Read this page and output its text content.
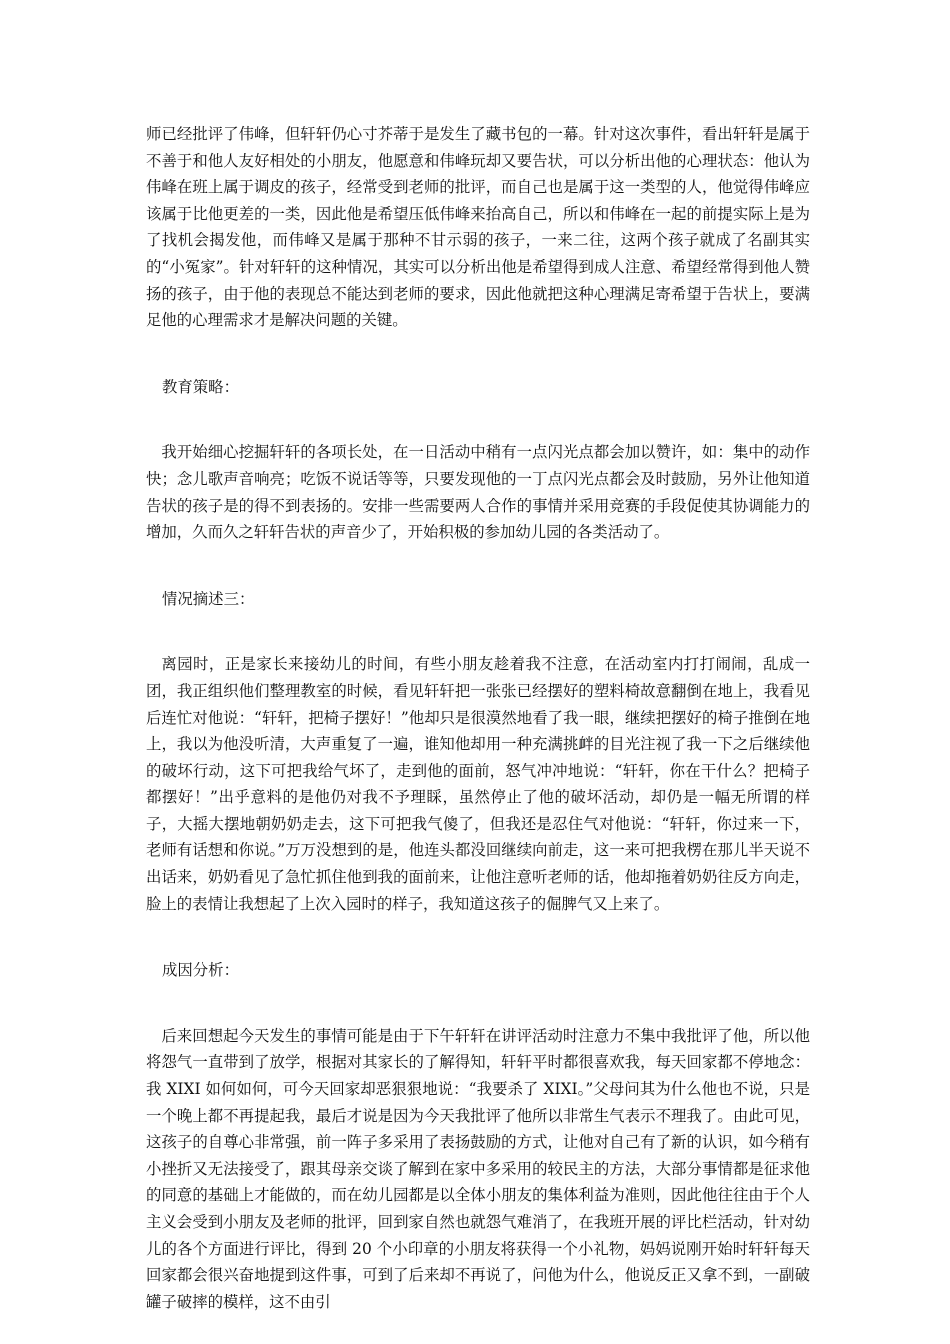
师已经批评了伟峰，但轩轩仍心寸芥蒂于是发生了藏书包的一幕。针对这次事件，看出轩轩是属于不善于和他人友好相处的小朋友，他愿意和伟峰玩却又要告状，可以分析出他的心理状态：他认为伟峰在班上属于调皮的孩子，经常受到老师的批评，而自己也是属于这一类型的人，他觉得伟峰应该属于比他更差的一类，因此他是希望压低伟峰来抬高自己，所以和伟峰在一起的前提实际上是为了找机会揭发他，而伟峰又是属于那种不甘示弱的孩子，一来二往，这两个孩子就成了名副其实的“小冤家”。针对轩轩的这种情况，其实可以分析出他是希望得到成人注意、希望经常得到他人赞扬的孩子，由于他的表现总不能达到老师的要求，因此他就把这种心理满足寄希望于告状上，要满足他的心理需求才是解决问题的关键。

教育策略：

我开始细心挖掘轩轩的各项长处，在一日活动中稍有一点闪光点都会加以赞许，如：集中的动作快；念儿歌声音响亮；吃饭不说话等等，只要发现他的一丁点闪光点都会及时鼓励，另外让他知道告状的孩子是的得不到表扬的。安排一些需要两人合作的事情并采用竞赛的手段促使其协调能力的增加，久而久之轩轩告状的声音少了，开始积极的参加幼儿园的各类活动了。

情况摘述三：

离园时，正是家长来接幼儿的时间，有些小朋友趁着我不注意，在活动室内打打闹闹，乱成一团，我正组织他们整理教室的时候，看见轩轩把一张张已经摆好的塑料椅故意翻倒在地上，我看见后连忙对他说：“轩轩，把椅子摆好！”他却只是很漠然地看了我一眼，继续把摆好的椅子推倒在地上，我以为他没听清，大声重复了一遍，谁知他却用一种充满挑衅的目光注视了我一下之后继续他的破坏行动，这下可把我给气坏了，走到他的面前，怒气冲冲地说：“轩轩，你在干什么？把椅子都摆好！”出乎意料的是他仍对我不予理睬，虽然停止了他的破坏活动，却仍是一幅无所谓的样子，大摇大摆地朝奶奶走去，这下可把我气傻了，但我还是忍住气对他说：“轩轩，你过来一下，老师有话想和你说。”万万没想到的是，他连头都没回继续向前走，这一来可把我楞在那儿半天说不出话来，奶奶看见了急忙抓住他到我的面前来，让他注意听老师的话，他却拖着奶奶往反方向走，脸上的表情让我想起了上次入园时的样子，我知道这孩子的倔脾气又上来了。

成因分析：

后来回想起今天发生的事情可能是由于下午轩轩在讲评活动时注意力不集中我批评了他，所以他将怨气一直带到了放学，根据对其家长的了解得知，轩轩平时都很喜欢我，每天回家都不停地念：我 XIXI 如何如何，可今天回家却恶狠狠地说：“我要杀了 XIXI。”父母问其为什么他也不说，只是一个晚上都不再提起我，最后才说是因为今天我批评了他所以非常生气表示不理我了。由此可见，这孩子的自尊心非常强，前一阵子多采用了表扬鼓励的方式，让他对自己有了新的认识，如今稍有小挫折又无法接受了，跟其母亲交谈了解到在家中多采用的较民主的方法，大部分事情都是征求他的同意的基础上才能做的，而在幼儿园都是以全体小朋友的集体利益为准则，因此他往往由于个人主义会受到小朋友及老师的批评，回到家自然也就怨气难消了，在我班开展的评比栏活动，针对幼儿的各个方面进行评比，得到 20 个小印章的小朋友将获得一个小礼物，妈妈说刚开始时轩轩每天回家都会很兴奋地提到这件事，可到了后来却不再说了，问他为什么，他说反正又拿不到，一副破罐子破摔的模样，这不由引
